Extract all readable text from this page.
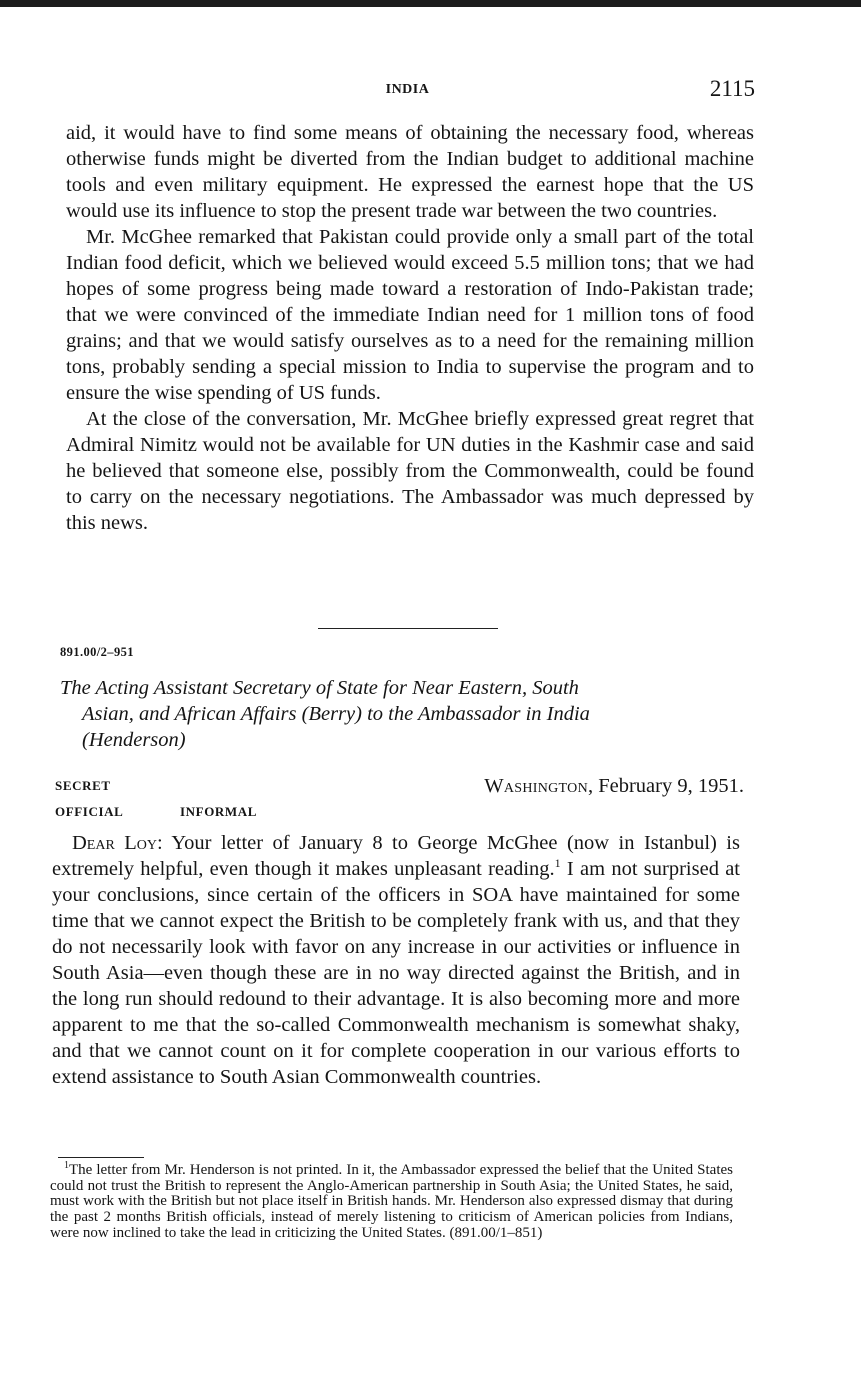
INDIA	2115

aid, it would have to find some means of obtaining the necessary food, whereas otherwise funds might be diverted from the Indian budget to additional machine tools and even military equipment. He expressed the earnest hope that the US would use its influence to stop the present trade war between the two countries.

Mr. McGhee remarked that Pakistan could provide only a small part of the total Indian food deficit, which we believed would exceed 5.5 million tons; that we had hopes of some progress being made toward a restoration of Indo-Pakistan trade; that we were convinced of the immediate Indian need for 1 million tons of food grains; and that we would satisfy ourselves as to a need for the remaining million tons, probably sending a special mission to India to supervise the program and to ensure the wise spending of US funds.

At the close of the conversation, Mr. McGhee briefly expressed great regret that Admiral Nimitz would not be available for UN duties in the Kashmir case and said he believed that someone else, possibly from the Commonwealth, could be found to carry on the necessary negotiations. The Ambassador was much depressed by this news.

891.00/2–951
The Acting Assistant Secretary of State for Near Eastern, South
Asian, and African Affairs (Berry) to the Ambassador in India
(Henderson)
SECRET
OFFICIAL	INFORMAL
Washington, February 9, 1951.

Dear Loy: Your letter of January 8 to George McGhee (now in Istanbul) is extremely helpful, even though it makes unpleasant reading.$^1$ I am not surprised at your conclusions, since certain of the officers in SOA have maintained for some time that we cannot expect the British to be completely frank with us, and that they do not necessarily look with favor on any increase in our activities or influence in South Asia—even though these are in no way directed against the British, and in the long run should redound to their advantage. It is also becoming more and more apparent to me that the so-called Commonwealth mechanism is somewhat shaky, and that we cannot count on it for complete cooperation in our various efforts to extend assistance to South Asian Commonwealth countries.

$^1$The letter from Mr. Henderson is not printed. In it, the Ambassador expressed the belief that the United States could not trust the British to represent the Anglo-American partnership in South Asia; the United States, he said, must work with the British but not place itself in British hands. Mr. Henderson also expressed dismay that during the past 2 months British officials, instead of merely listening to criticism of American policies from Indians, were now inclined to take the lead in criticizing the United States. (891.00/1–851)
